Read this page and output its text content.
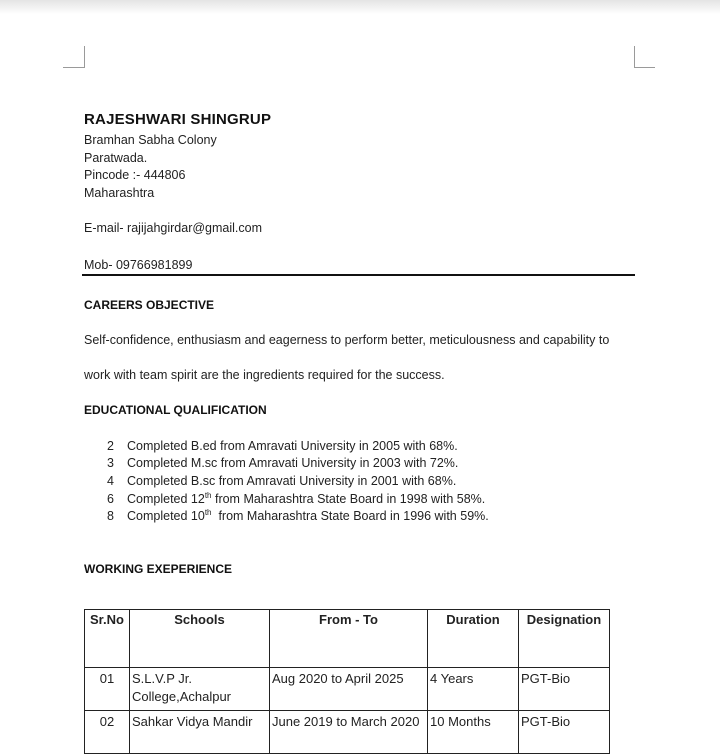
RAJESHWARI SHINGRUP
Bramhan Sabha Colony
Paratwada.
Pincode :- 444806
Maharashtra
E-mail- rajijahgirdar@gmail.com
Mob- 09766981899
CAREERS OBJECTIVE
Self-confidence, enthusiasm and eagerness to perform better, meticulousness and capability to
work with team spirit are the ingredients required for the success.
EDUCATIONAL QUALIFICATION
2 Completed B.ed from Amravati University in 2005 with 68%.
3 Completed M.sc from Amravati University in 2003 with 72%.
4 Completed B.sc from Amravati University in 2001 with 68%.
6 Completed 12th from Maharashtra State Board in 1998 with 58%.
8 Completed 10th  from Maharashtra State Board in 1996 with 59%.
WORKING EXEPERIENCE
Sr.No	Schools	From - To	Duration	Designation
01	S.L.V.P Jr. College,Achalpur	Aug 2020 to April 2025	4 Years	PGT-Bio
02	Sahkar Vidya Mandir	June 2019 to March 2020	10 Months	PGT-Bio
